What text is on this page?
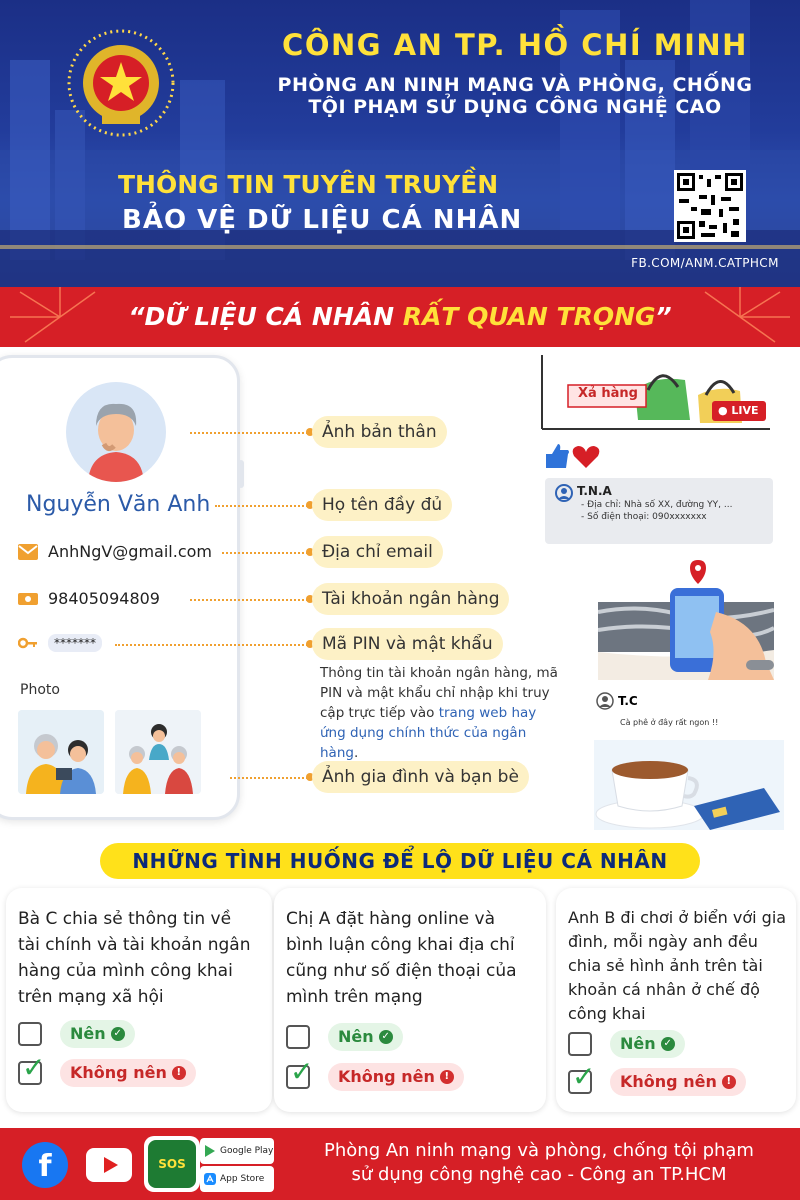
CÔNG AN TP. HỒ CHÍ MINH
PHÒNG AN NINH MẠNG VÀ PHÒNG, CHỐNG
TỘI PHẠM SỬ DỤNG CÔNG NGHỆ CAO
THÔNG TIN TUYÊN TRUYỀN
BẢO VỆ DỮ LIỆU CÁ NHÂN
FB.COM/ANM.CATPHCM
“DỮ LIỆU CÁ NHÂN RẤT QUAN TRỌNG”
Nguyễn Văn Anh
AnhNgV@gmail.com
98405094809
*******
Photo
Ảnh bản thân
Họ tên đầy đủ
Địa chỉ email
Tài khoản ngân hàng
Mã PIN và mật khẩu
Ảnh gia đình và bạn bè
Thông tin tài khoản ngân hàng, mã PIN và mật khẩu chỉ nhập khi truy cập trực tiếp vào trang web hay ứng dụng chính thức của ngân hàng.
Xả hàng
● LIVE
T.N.A
- Địa chỉ: Nhà số XX, đường YY, ...
- Số điện thoại: 090xxxxxxx
T.C
Cà phê ở đây rất ngon !!
NHỮNG TÌNH HUỐNG ĐỂ LỘ DỮ LIỆU CÁ NHÂN
Bà C chia sẻ thông tin về tài chính và tài khoản ngân hàng của mình công khai trên mạng xã hội
Nên ✓
✓ Không nên !
Chị A đặt hàng online và bình luận công khai địa chỉ cũng như số điện thoại của mình trên mạng
Nên ✓
✓ Không nên !
Anh B đi chơi ở biển với gia đình, mỗi ngày anh đều chia sẻ hình ảnh trên tài khoản cá nhân ở chế độ công khai
Nên ✓
✓ Không nên !
f	SOS
Google Play
App Store
Phòng An ninh mạng và phòng, chống tội phạm
sử dụng công nghệ cao - Công an TP.HCM
